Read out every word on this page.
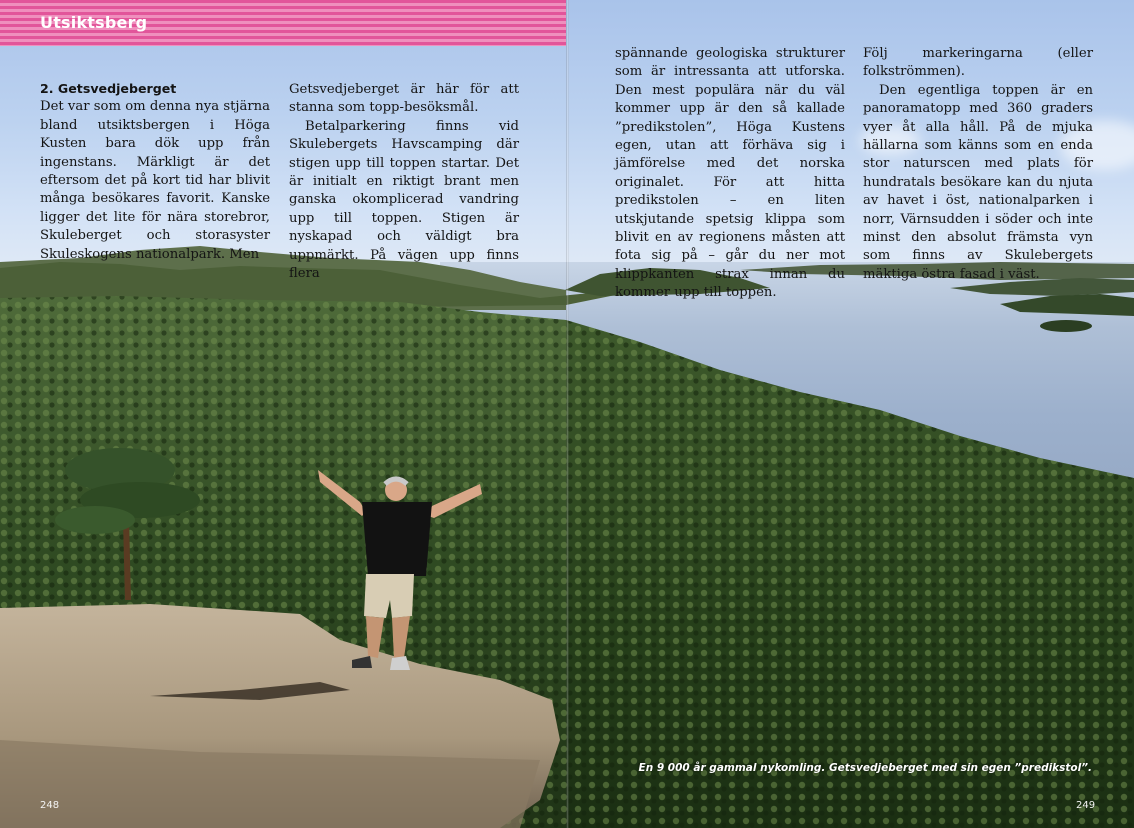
Utsiktsberg

2. Getsvedjeberget

Det var som om denna nya stjärna bland utsiktsbergen i Höga Kusten bara dök upp från ingenstans. Märkligt är det eftersom det på kort tid har blivit många besökares favorit. Kanske ligger det lite för nära storebror, Skuleberget och storasyster Skuleskogens nationalpark. Men

Getsvedjeberget är här för att stanna som topp-besöksmål.

Betalparkering finns vid Skulebergets Havscamping där stigen upp till toppen startar. Det är initialt en riktigt brant men ganska okomplicerad vandring upp till toppen. Stigen är nyskapad och väldigt bra uppmärkt. På vägen upp finns flera

spännande geologiska strukturer som är intressanta att utforska. Den mest populära när du väl kommer upp är den så kallade ”predikstolen”, Höga Kustens egen, utan att förhäva sig i jämförelse med det norska originalet. För att hitta predikstolen – en liten utskjutande spetsig klippa som blivit en av regionens måsten att fota sig på – går du ner mot klippkanten strax innan du kommer upp till toppen.

Följ markeringarna (eller folkströmmen).

Den egentliga toppen är en panoramatopp med 360 graders vyer åt alla håll. På de mjuka hällarna som känns som en enda stor naturscen med plats för hundratals besökare kan du njuta av havet i öst, nationalparken i norr, Värnsudden i söder och inte minst den absolut främsta vyn som finns av Skulebergets mäktiga östra fasad i väst.

En 9 000 år gammal nykomling. Getsvedjeberget med sin egen ”predikstol”.
248	249
